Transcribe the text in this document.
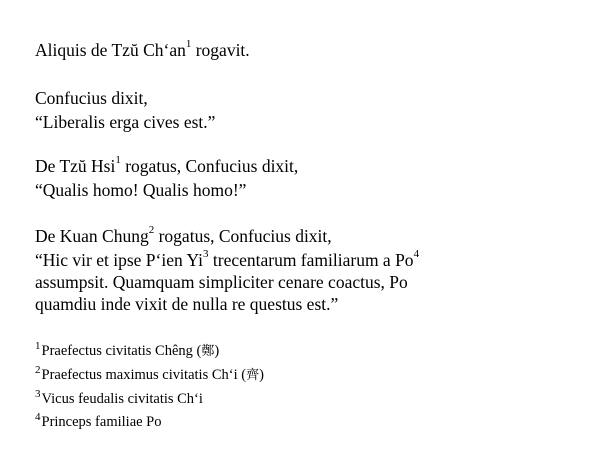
Aliquis de Tzŭ $Ch‘an^1$ rogavit.
Confucius dixit,
“Liberalis erga cives est.”
De Tzŭ Hsi$^1$ rogatus, Confucius dixit,
“Qualis homo! Qualis homo!”
De Kuan Chung$^2$ rogatus, Confucius dixit,
“Hic vir et ipse P‘ien Yi$^3$ trecentarum familiarum a Po$^4$
assumpsit. Quamquam simpliciter cenare coactus, Po
quamdiu inde vixit de nulla re questus est.”
$^1$Praefectus civitatis Chêng (鄭)
$^2$Praefectus maximus civitatis Ch‘i (齊)
$^3$Vicus feudalis civitatis Ch‘i
$^4$Princeps familiae Po
